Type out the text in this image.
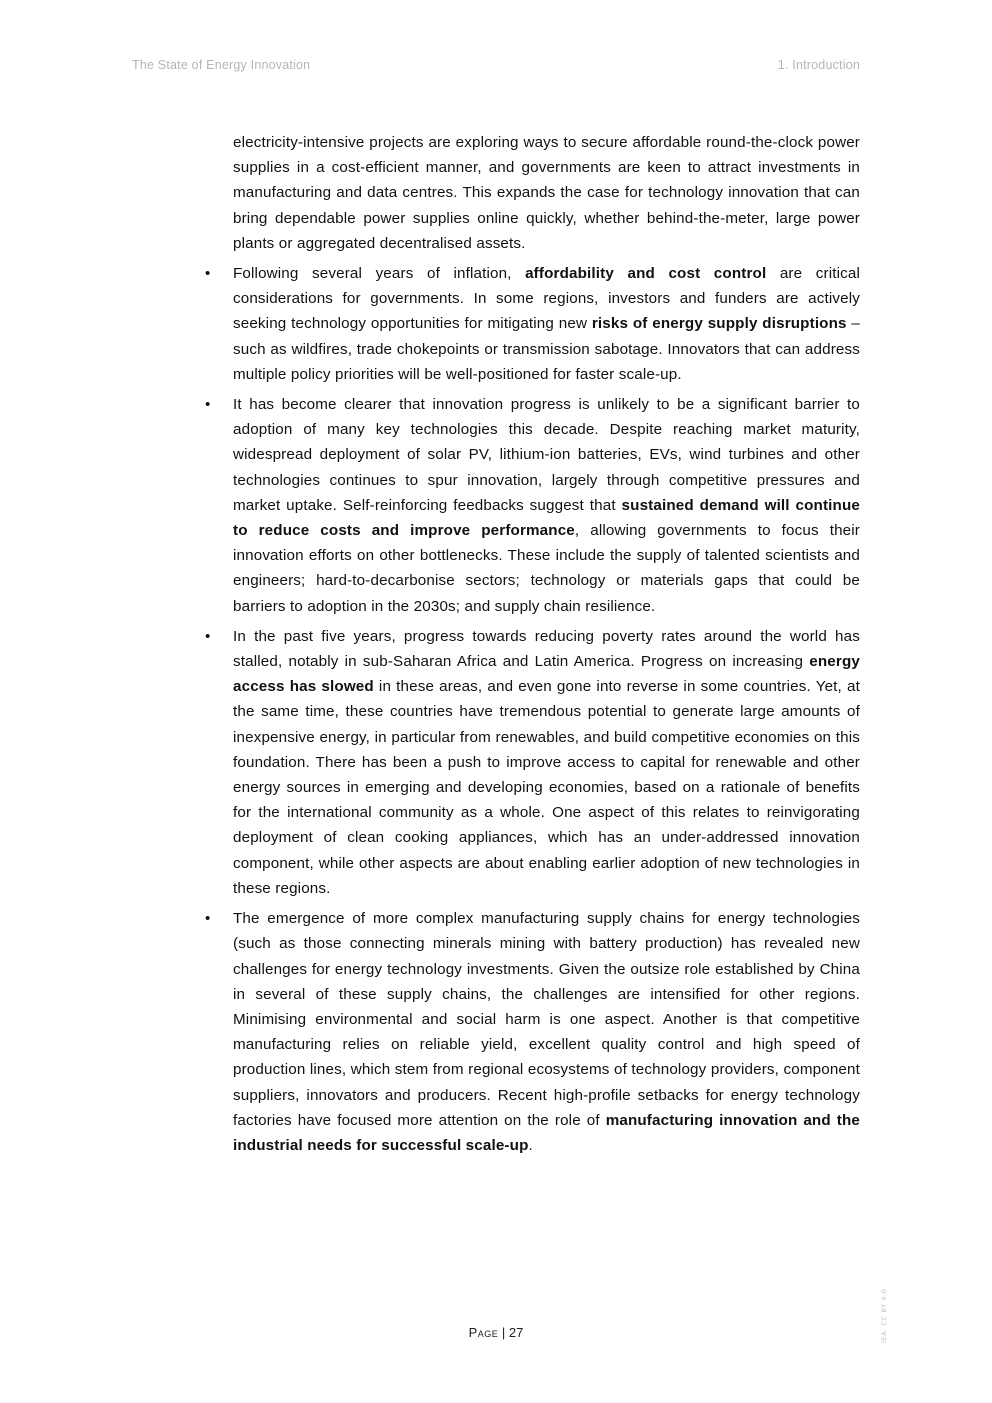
The State of Energy Innovation	1. Introduction

electricity-intensive projects are exploring ways to secure affordable round-the-clock power supplies in a cost-efficient manner, and governments are keen to attract investments in manufacturing and data centres. This expands the case for technology innovation that can bring dependable power supplies online quickly, whether behind-the-meter, large power plants or aggregated decentralised assets.

•	Following several years of inflation, affordability and cost control are critical considerations for governments. In some regions, investors and funders are actively seeking technology opportunities for mitigating new risks of energy supply disruptions – such as wildfires, trade chokepoints or transmission sabotage. Innovators that can address multiple policy priorities will be well-positioned for faster scale-up.
•	It has become clearer that innovation progress is unlikely to be a significant barrier to adoption of many key technologies this decade. Despite reaching market maturity, widespread deployment of solar PV, lithium-ion batteries, EVs, wind turbines and other technologies continues to spur innovation, largely through competitive pressures and market uptake. Self-reinforcing feedbacks suggest that sustained demand will continue to reduce costs and improve performance, allowing governments to focus their innovation efforts on other bottlenecks. These include the supply of talented scientists and engineers; hard-to-decarbonise sectors; technology or materials gaps that could be barriers to adoption in the 2030s; and supply chain resilience.
•	In the past five years, progress towards reducing poverty rates around the world has stalled, notably in sub-Saharan Africa and Latin America. Progress on increasing energy access has slowed in these areas, and even gone into reverse in some countries. Yet, at the same time, these countries have tremendous potential to generate large amounts of inexpensive energy, in particular from renewables, and build competitive economies on this foundation. There has been a push to improve access to capital for renewable and other energy sources in emerging and developing economies, based on a rationale of benefits for the international community as a whole. One aspect of this relates to reinvigorating deployment of clean cooking appliances, which has an under-addressed innovation component, while other aspects are about enabling earlier adoption of new technologies in these regions.
•	The emergence of more complex manufacturing supply chains for energy technologies (such as those connecting minerals mining with battery production) has revealed new challenges for energy technology investments. Given the outsize role established by China in several of these supply chains, the challenges are intensified for other regions. Minimising environmental and social harm is one aspect. Another is that competitive manufacturing relies on reliable yield, excellent quality control and high speed of production lines, which stem from regional ecosystems of technology providers, component suppliers, innovators and producers. Recent high-profile setbacks for energy technology factories have focused more attention on the role of manufacturing innovation and the industrial needs for successful scale-up.
Page | 27	IEA. CC BY 4.0.
